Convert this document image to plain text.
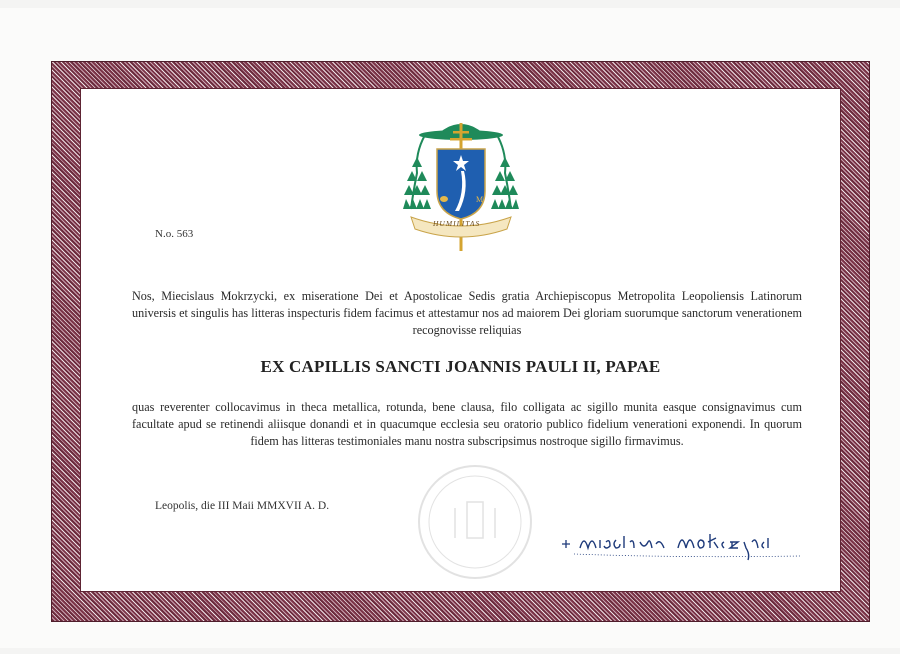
M
HUMILITAS
N.o. 563
Nos, Miecislaus Mokrzycki, ex miseratione Dei et Apostolicae Sedis gratia Archiepiscopus Metropolita Leopoliensis Latinorum universis et singulis has litteras inspecturis fidem facimus et attestamur nos ad maiorem Dei gloriam suorumque sanctorum venerationem recognovisse reliquias
EX CAPILLIS SANCTI JOANNIS PAULI II, PAPAE
quas reverenter collocavimus in theca metallica, rotunda, bene clausa, filo colligata ac sigillo munita easque consignavimus cum facultate apud se retinendi aliisque donandi et in quacumque ecclesia seu oratorio publico fidelium venerationi exponendi. In quorum fidem has litteras testimoniales manu nostra subscripsimus nostroque sigillo firmavimus.
Leopolis, die III Maii MMXVII A. D.
